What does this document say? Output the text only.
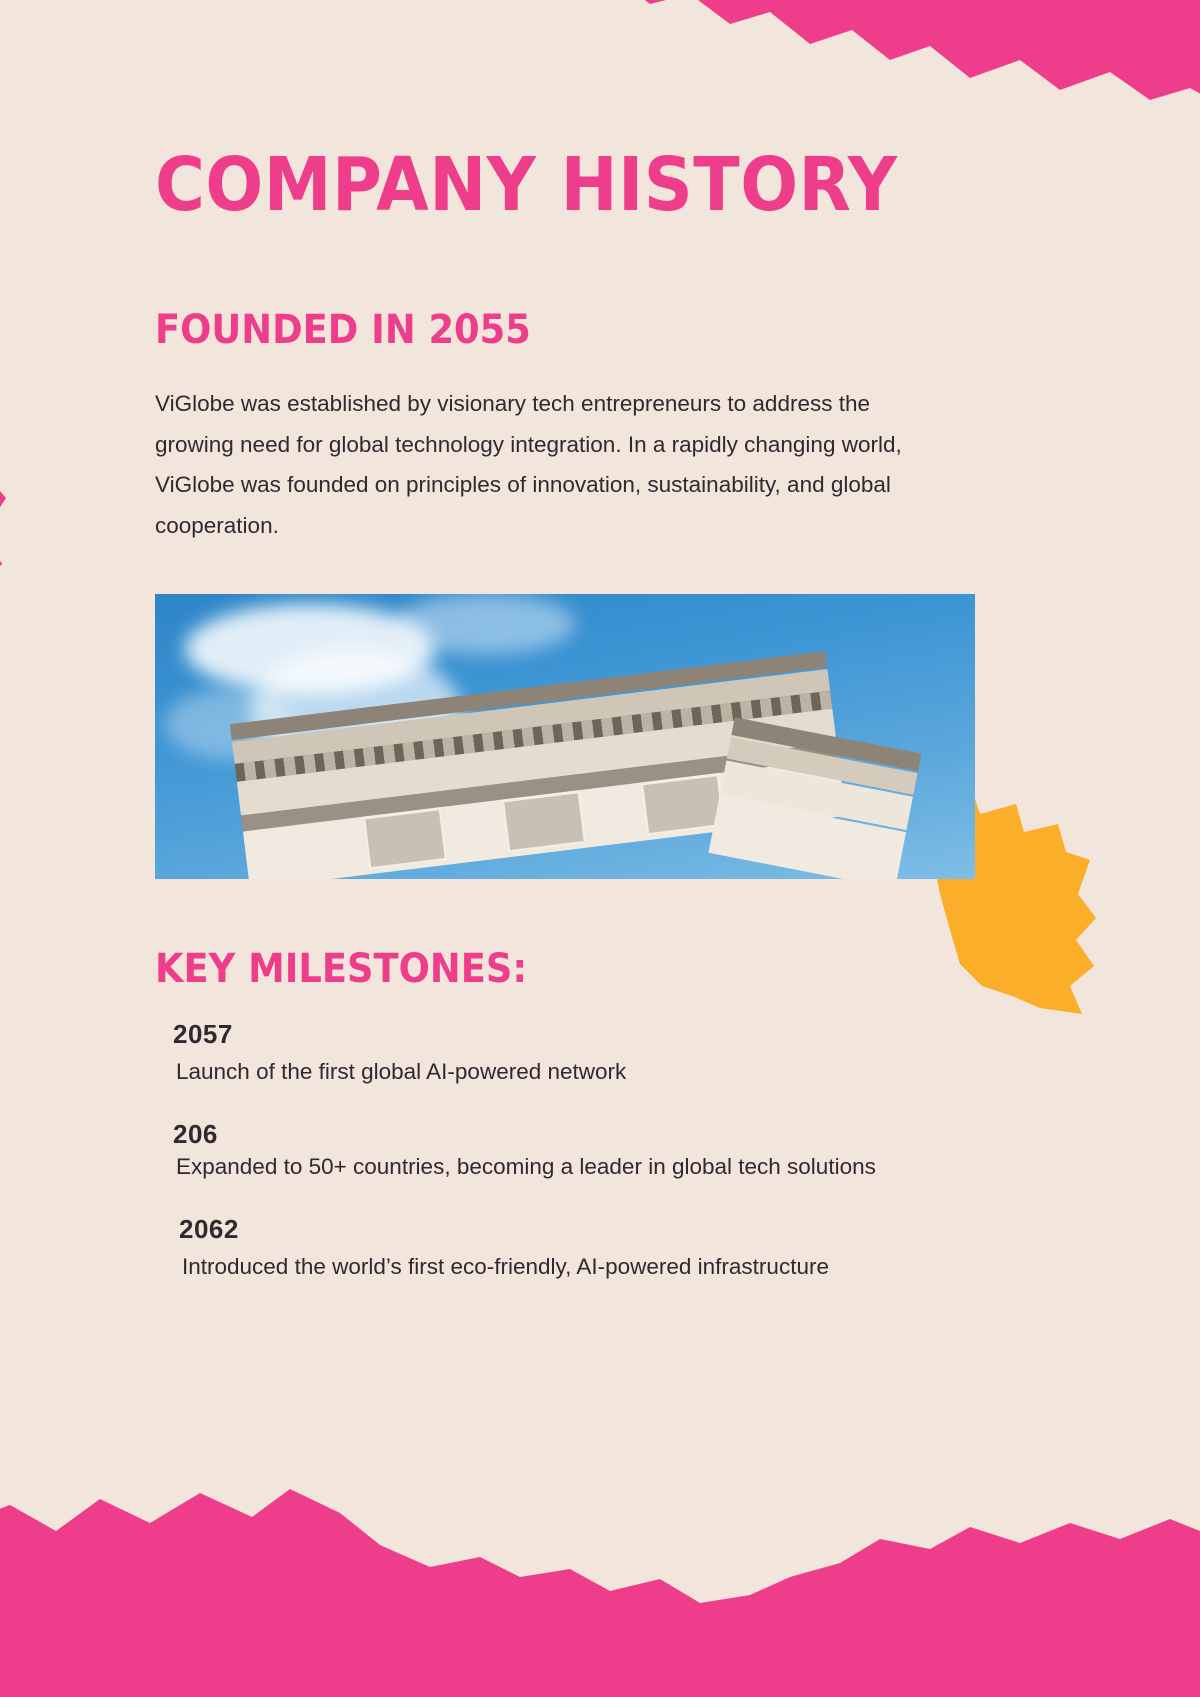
COMPANY HISTORY
FOUNDED IN 2055

ViGlobe was established by visionary tech entrepreneurs to address the growing need for global technology integration. In a rapidly changing world, ViGlobe was founded on principles of innovation, sustainability, and global cooperation.

KEY MILESTONES:
2057
Launch of the first global AI-powered network
206
Expanded to 50+ countries, becoming a leader in global tech solutions
2062
Introduced the world’s first eco-friendly, AI-powered infrastructure
